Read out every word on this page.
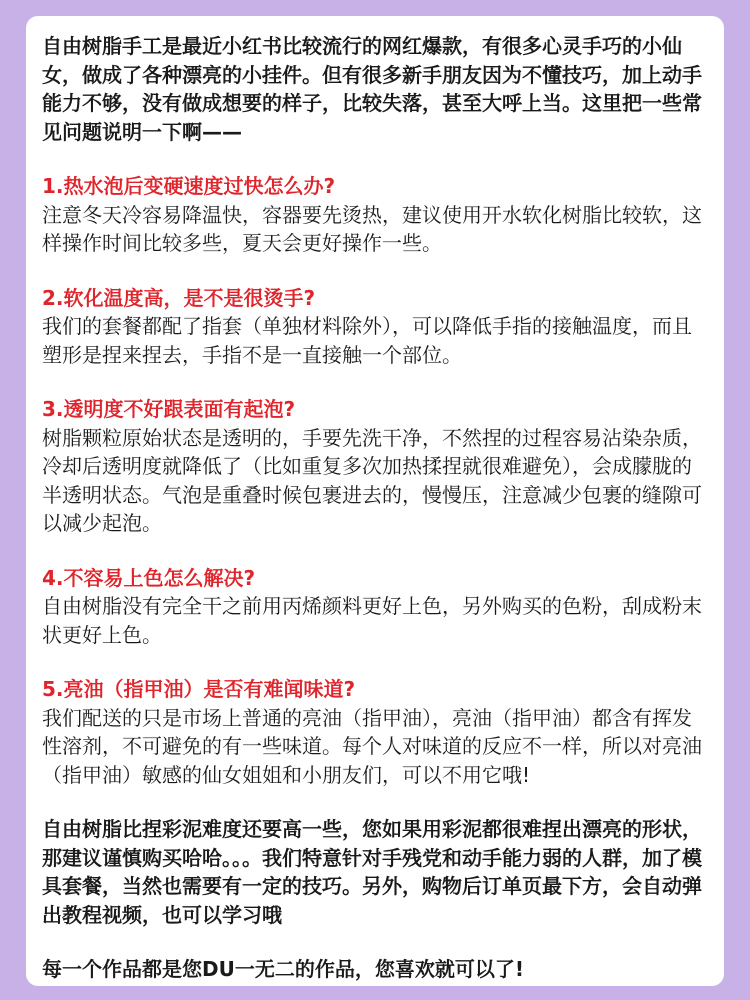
自由树脂手工是最近小红书比较流行的网红爆款，有很多心灵手巧的小仙女，做成了各种漂亮的小挂件。但有很多新手朋友因为不懂技巧，加上动手能力不够，没有做成想要的样子，比较失落，甚至大呼上当。这里把一些常见问题说明一下啊——

1.热水泡后变硬速度过快怎么办?

注意冬天冷容易降温快，容器要先烫热，建议使用开水软化树脂比较软，这样操作时间比较多些，夏天会更好操作一些。

2.软化温度高，是不是很烫手?

我们的套餐都配了指套（单独材料除外），可以降低手指的接触温度，而且塑形是捏来捏去，手指不是一直接触一个部位。

3.透明度不好跟表面有起泡?

树脂颗粒原始状态是透明的，手要先洗干净，不然捏的过程容易沾染杂质，冷却后透明度就降低了（比如重复多次加热揉捏就很难避免），会成朦胧的半透明状态。气泡是重叠时候包裹进去的，慢慢压，注意减少包裹的缝隙可以减少起泡。

4.不容易上色怎么解决?

自由树脂没有完全干之前用丙烯颜料更好上色，另外购买的色粉，刮成粉末状更好上色。

5.亮油（指甲油）是否有难闻味道?

我们配送的只是市场上普通的亮油（指甲油），亮油（指甲油）都含有挥发性溶剂，不可避免的有一些味道。每个人对味道的反应不一样，所以对亮油（指甲油）敏感的仙女姐姐和小朋友们，可以不用它哦!

自由树脂比捏彩泥难度还要高一些，您如果用彩泥都很难捏出漂亮的形状，那建议谨慎购买哈哈。。。我们特意针对手残党和动手能力弱的人群，加了模具套餐，当然也需要有一定的技巧。另外，购物后订单页最下方，会自动弹出教程视频，也可以学习哦

每一个作品都是您DU一无二的作品，您喜欢就可以了!
